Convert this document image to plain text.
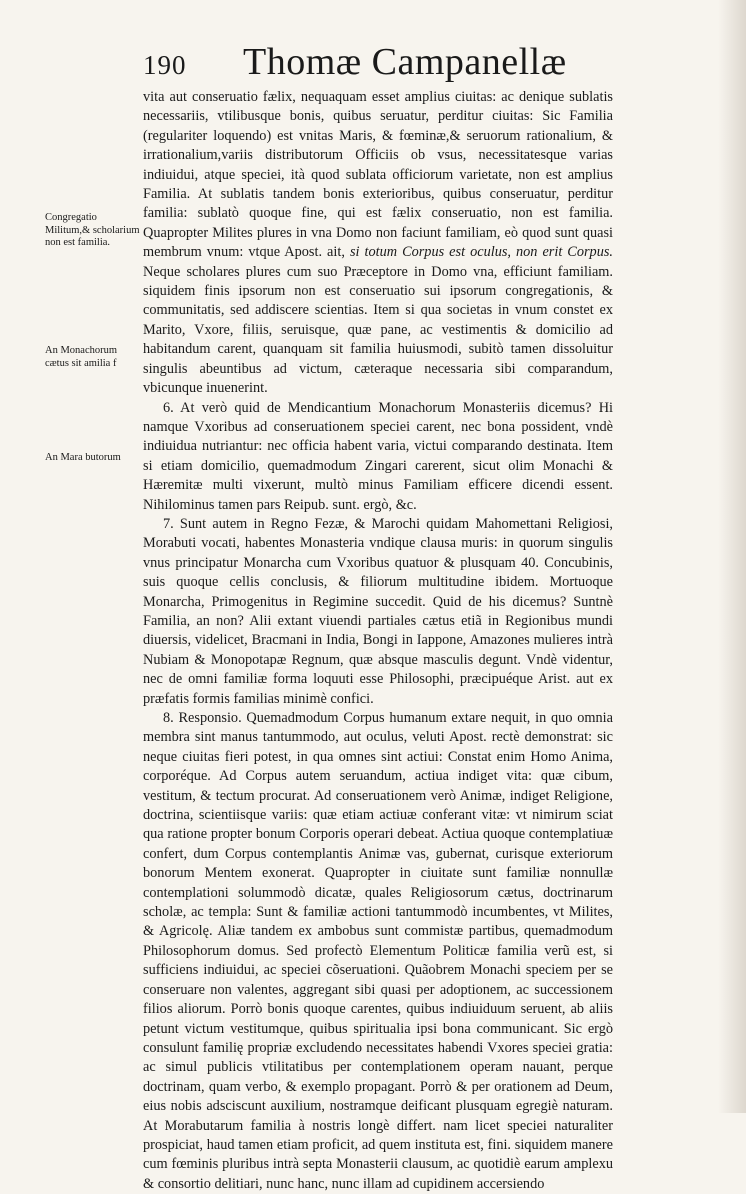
190 Thomæ Campanellæ
Congregatio Militum,& scholarium non est familia.
An Monachorum cætus sit amilia f
An Mara butorum

vita aut conseruatio fælix, nequaquam esset amplius ciuitas: ac denique sublatis necessariis, vtilibusque bonis, quibus seruatur, perditur ciuitas: Sic Familia (regulariter loquendo) est vnitas Maris, & fœminæ,& seruorum rationalium, & irrationalium,variis distributorum Officiis ob vsus, necessitatesque varias indiuidui, atque speciei, ità quod sublata officiorum varietate, non est amplius Familia. At sublatis tandem bonis exterioribus, quibus conseruatur, perditur familia: sublatò quoque fine, qui est fælix conseruatio, non est familia. Quapropter Milites plures in vna Domo non faciunt familiam, eò quod sunt quasi membrum vnum: vtque Apost. ait, si totum Corpus est oculus, non erit Corpus. Neque scholares plures cum suo Præceptore in Domo vna, efficiunt familiam. siquidem finis ipsorum non est conseruatio sui ipsorum congregationis, & communitatis, sed addiscere scientias. Item si qua societas in vnum constet ex Marito, Vxore, filiis, seruisque, quæ pane, ac vestimentis & domicilio ad habitandum carent, quanquam sit familia huiusmodi, subitò tamen dissoluitur singulis abeuntibus ad victum, cæteraque necessaria sibi comparandum, vbicunque inuenerint.

6. At verò quid de Mendicantium Monachorum Monasteriis dicemus? Hi namque Vxoribus ad conseruationem speciei carent, nec bona possident, vndè indiuidua nutriantur: nec officia habent varia, victui comparando destinata. Item si etiam domicilio, quemadmodum Zingari carerent, sicut olim Monachi & Hæremitæ multi vixerunt, multò minus Familiam efficere dicendi essent. Nihilominus tamen pars Reipub. sunt. ergò, &c.

7. Sunt autem in Regno Fezæ, & Marochi quidam Mahomettani Religiosi, Morabuti vocati, habentes Monasteria vndique clausa muris: in quorum singulis vnus principatur Monarcha cum Vxoribus quatuor & plusquam 40. Concubinis, suis quoque cellis conclusis, & filiorum multitudine ibidem. Mortuoque Monarcha, Primogenitus in Regimine succedit. Quid de his dicemus? Suntnè Familia, an non? Alii extant viuendi partiales cætus etiã in Regionibus mundi diuersis, videlicet, Bracmani in India, Bongi in Iappone, Amazones mulieres intrà Nubiam & Monopotapæ Regnum, quæ absque masculis degunt. Vndè videntur, nec de omni familiæ forma loquuti esse Philosophi, præcipuéque Arist. aut ex præfatis formis familias minimè confici.

8. Responsio. Quemadmodum Corpus humanum extare nequit, in quo omnia membra sint manus tantummodo, aut oculus, veluti Apost. rectè demonstrat: sic neque ciuitas fieri potest, in qua omnes sint actiui: Constat enim Homo Anima, corporéque. Ad Corpus autem seruandum, actiua indiget vita: quæ cibum, vestitum, & tectum procurat. Ad conseruationem verò Animæ, indiget Religione, doctrina, scientiisque variis: quæ etiam actiuæ conferant vitæ: vt nimirum sciat qua ratione propter bonum Corporis operari debeat. Actiua quoque contemplatiuæ confert, dum Corpus contemplantis Animæ vas, gubernat, curisque exteriorum bonorum Mentem exonerat. Quapropter in ciuitate sunt familiæ nonnullæ contemplationi solummodò dicatæ, quales Religiosorum cætus, doctrinarum scholæ, ac templa: Sunt & familiæ actioni tantummodò incumbentes, vt Milites, & Agricolę. Aliæ tandem ex ambobus sunt commistæ partibus, quemadmodum Philosophorum domus. Sed profectò Elementum Politicæ familia verũ est, si sufficiens indiuidui, ac speciei cõseruationi. Quãobrem Monachi speciem per se conseruare non valentes, aggregant sibi quasi per adoptionem, ac successionem filios aliorum. Porrò bonis quoque carentes, quibus indiuiduum seruent, ab aliis petunt victum vestitumque, quibus spiritualia ipsi bona communicant. Sic ergò consulunt familię propriæ excludendo necessitates habendi Vxores speciei gratia: ac simul publicis vtilitatibus per contemplationem operam nauant, perque doctrinam, quam verbo, & exemplo propagant. Porrò & per orationem ad Deum, eius nobis adsciscunt auxilium, nostramque deificant plusquam egregiè naturam. At Morabutarum familia à nostris longè differt. nam licet speciei naturaliter prospiciat, haud tamen etiam proficit, ad quem instituta est, fini. siquidem manere cum fœminis pluribus intrà septa Monasterii clausum, ac quotidiè earum amplexu & consortio delitiari, nunc hanc, nunc illam ad cupidinem accersiendo
